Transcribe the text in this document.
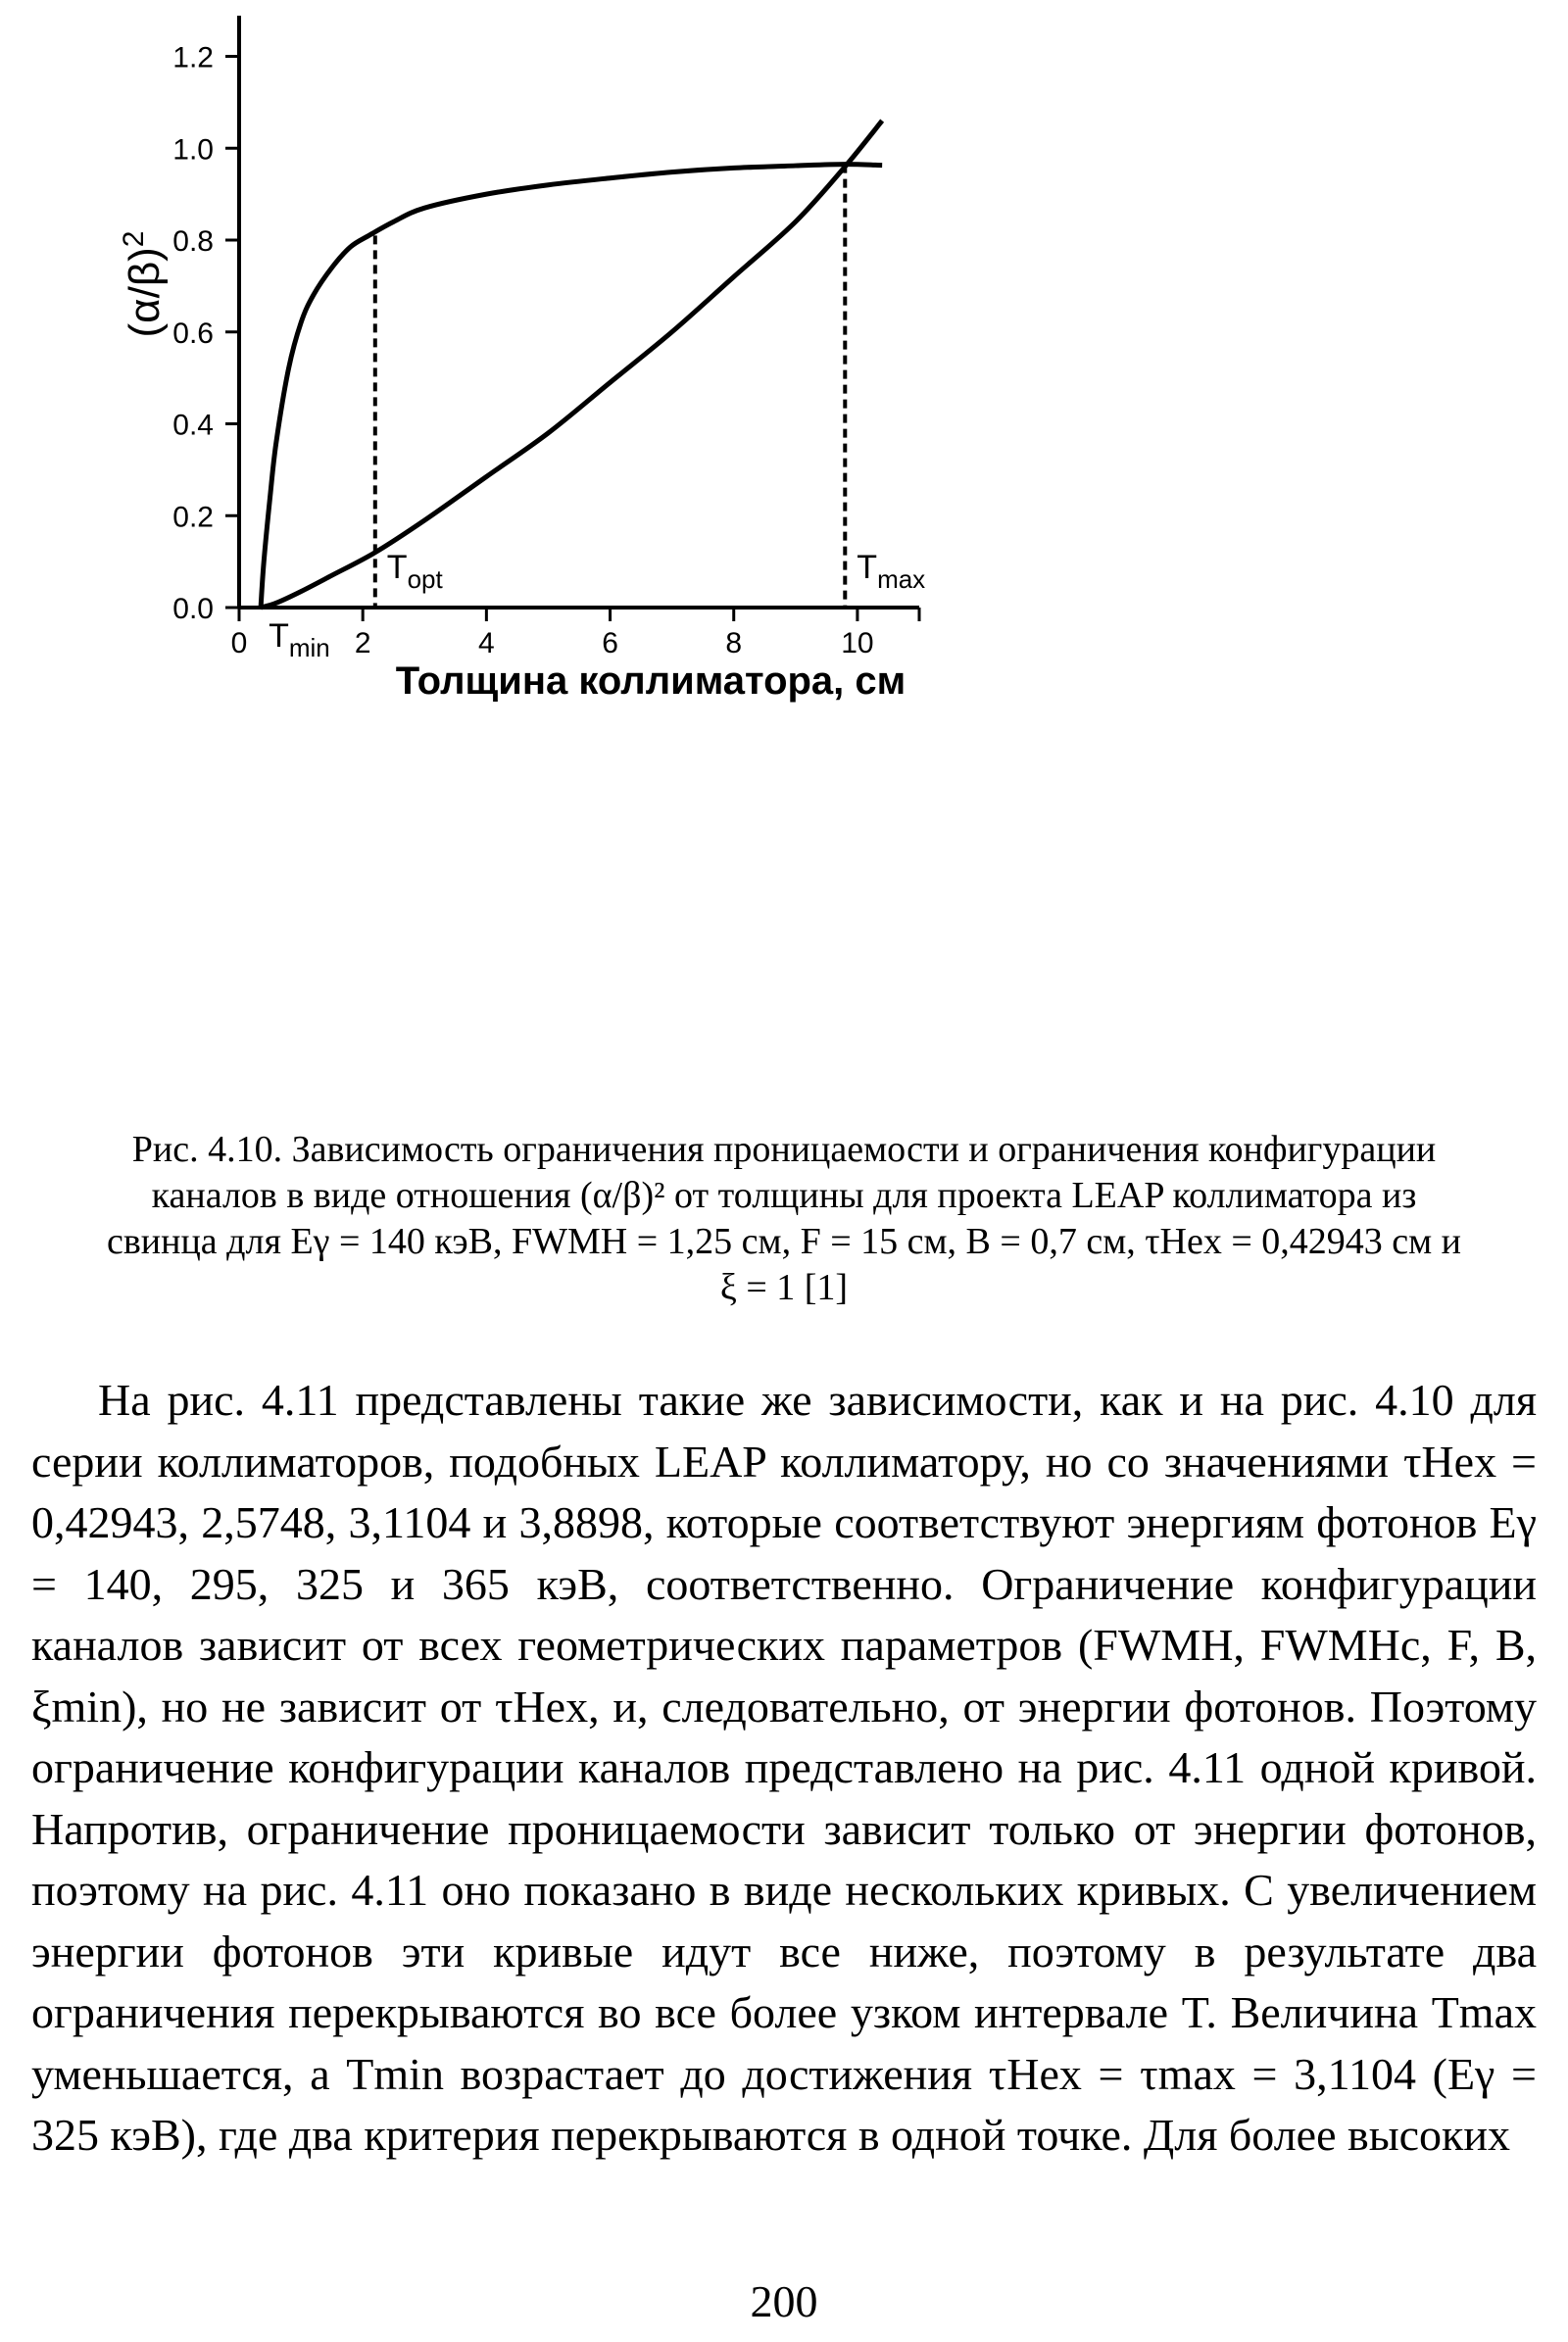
0.0
0.2
0.4
0.6
0.8
1.0
1.2
0	2	4	6	8	10
$(\alpha/\beta)^2$
Толщина коллиматора, см
$T_{opt}$	$T_{max}$
$T_{min}$
Рис. 4.10. Зависимость ограничения проницаемости и ограничения конфигурации
каналов в виде отношения (α/β)² от толщины для проекта LEAP коллиматора из
свинца для Eγ = 140 кэВ, FWMH = 1,25 см, F = 15 см, B = 0,7 см, τHex = 0,42943 см и
ξ = 1 [1]

На рис. 4.11 представлены такие же зависимости, как и на рис. 4.10 для серии коллиматоров, подобных LEAP коллиматору, но со значениями τHex = 0,42943, 2,5748, 3,1104 и 3,8898, которые соответствуют энергиям фотонов Eγ = 140, 295, 325 и 365 кэВ, соответственно. Ограничение конфигурации каналов зависит от всех геометрических параметров (FWMH, FWMHc, F, B, ξmin), но не зависит от τHex, и, следовательно, от энергии фотонов. Поэтому ограничение конфигурации каналов представлено на рис. 4.11 одной кривой. Напротив, ограничение проницаемости зависит только от энергии фотонов, поэтому на рис. 4.11 оно показано в виде нескольких кривых. С увеличением энергии фотонов эти кривые идут все ниже, поэтому в результате два ограничения перекрываются во все более узком интервале T. Величина Tmax уменьшается, а Tmin возрастает до достижения τHex = τmax = 3,1104 (Eγ = 325 кэВ), где два критерия перекрываются в одной точке. Для более высоких

200
